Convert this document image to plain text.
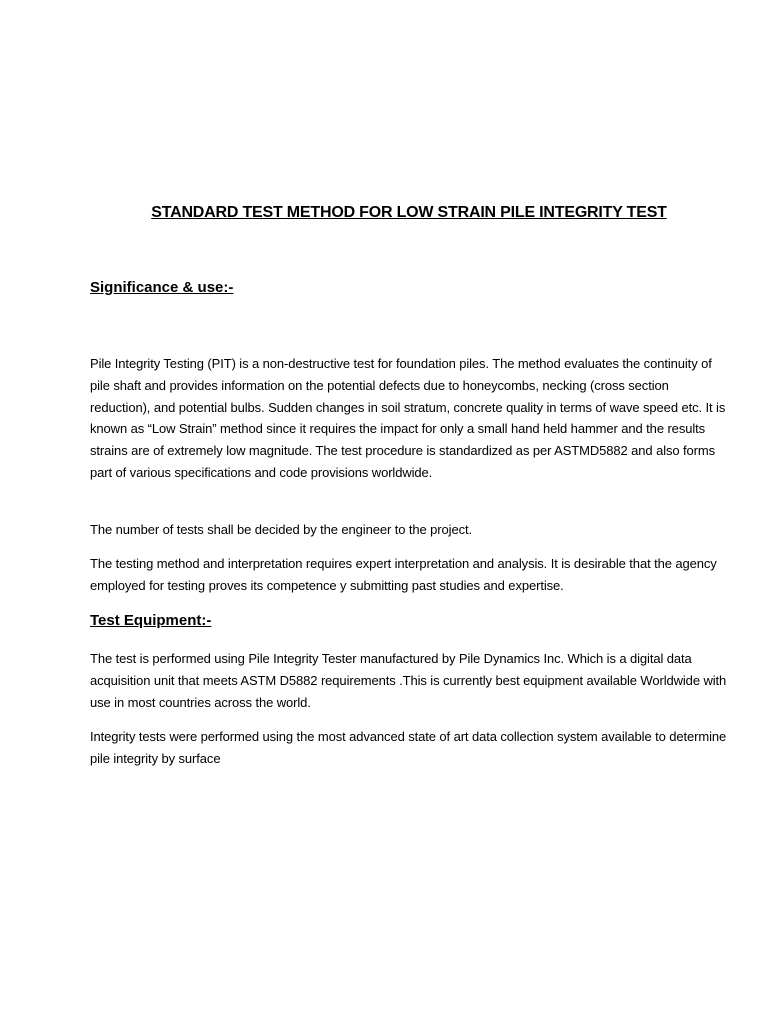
STANDARD TEST METHOD FOR LOW STRAIN PILE INTEGRITY TEST
Significance & use:-

Pile Integrity Testing (PIT) is a non-destructive test for foundation piles. The method evaluates the continuity of pile shaft and provides information on the potential defects due to honeycombs, necking (cross section reduction), and potential bulbs. Sudden changes in soil stratum, concrete quality in terms of wave speed etc. It is known as “Low Strain” method since it requires the impact for only a small hand held hammer and the results strains are of extremely low magnitude. The test procedure is standardized as per ASTMD5882 and also forms part of various specifications and code provisions worldwide.

The number of tests shall be decided by the engineer to the project.

The testing method and interpretation requires expert interpretation and analysis. It is desirable that the agency employed for testing proves its competence y submitting past studies and expertise.

Test Equipment:-

The test is performed using Pile Integrity Tester manufactured by Pile Dynamics Inc. Which is a digital data acquisition unit that meets ASTM D5882 requirements .This is currently best equipment available Worldwide with use in most countries across the world.

Integrity tests were performed using the most advanced state of art data collection system available to determine pile integrity by surface
